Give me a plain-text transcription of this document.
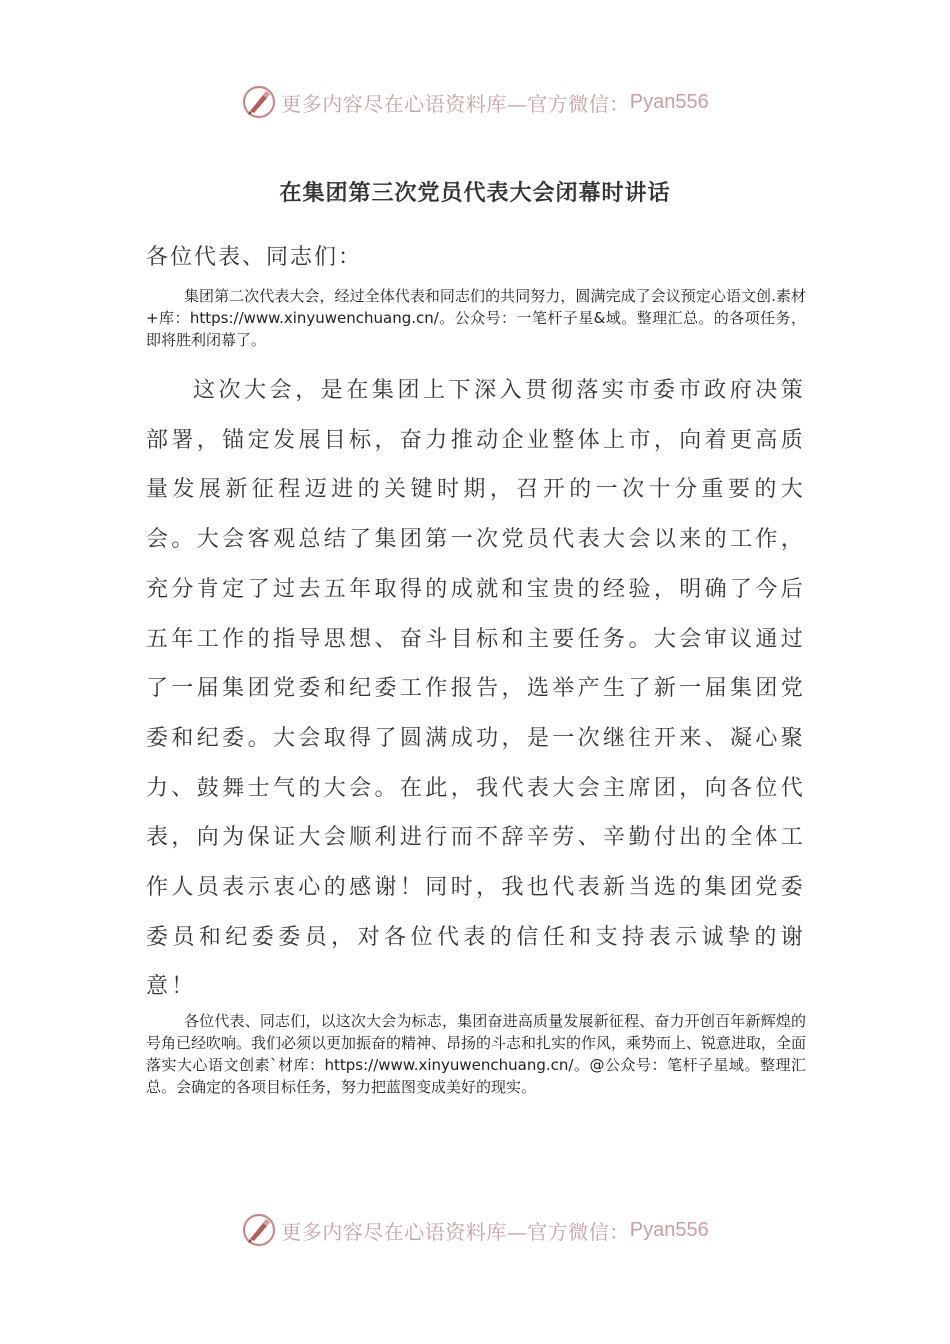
更多内容尽在心语资料库—官方微信： Pyan556
在集团第三次党员代表大会闭幕时讲话
各位代表、同志们：
集团第二次代表大会，经过全体代表和同志们的共同努力，圆满完成了会议预定心语文创.素材+库：https://www.xinyuwenchuang.cn/。公众号：一笔杆子星&域。整理汇总。的各项任务，即将胜利闭幕了。
这次大会，是在集团上下深入贯彻落实市委市政府决策部署，锚定发展目标，奋力推动企业整体上市，向着更高质量发展新征程迈进的关键时期，召开的一次十分重要的大会。大会客观总结了集团第一次党员代表大会以来的工作，充分肯定了过去五年取得的成就和宝贵的经验，明确了今后五年工作的指导思想、奋斗目标和主要任务。大会审议通过了一届集团党委和纪委工作报告，选举产生了新一届集团党委和纪委。大会取得了圆满成功，是一次继往开来、凝心聚力、鼓舞士气的大会。在此，我代表大会主席团，向各位代表，向为保证大会顺利进行而不辞辛劳、辛勤付出的全体工作人员表示衷心的感谢！同时，我也代表新当选的集团党委委员和纪委委员，对各位代表的信任和支持表示诚挚的谢意！
各位代表、同志们，以这次大会为标志，集团奋进高质量发展新征程、奋力开创百年新辉煌的号角已经吹响。我们必须以更加振奋的精神、昂扬的斗志和扎实的作风，乘势而上、锐意进取，全面落实大心语文创素`材库：https://www.xinyuwenchuang.cn/。@公众号：笔杆子星域。整理汇总。会确定的各项目标任务，努力把蓝图变成美好的现实。
更多内容尽在心语资料库—官方微信： Pyan556
